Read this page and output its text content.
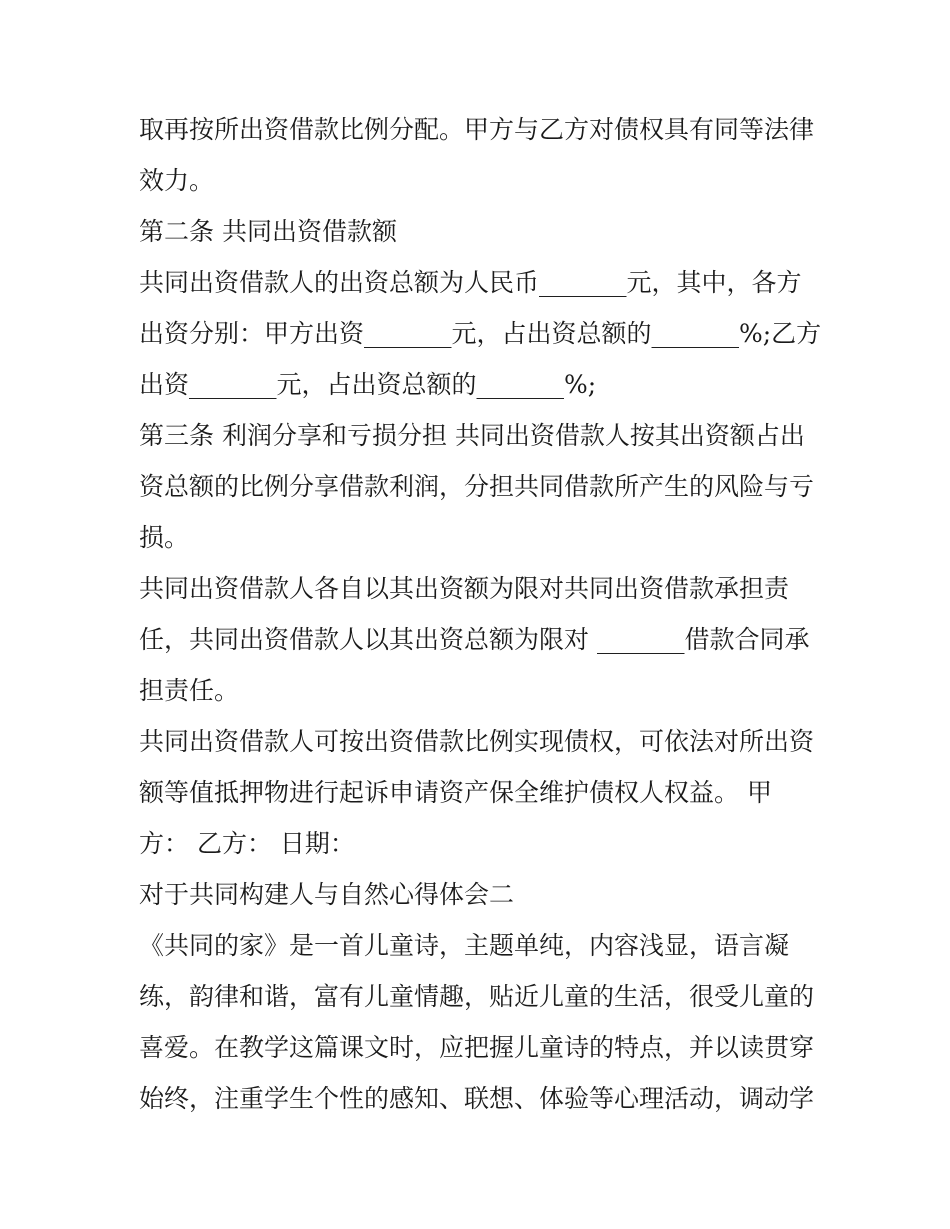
取再按所出资借款比例分配。甲方与乙方对债权具有同等法律
效力。
第二条 共同出资借款额
共同出资借款人的出资总额为人民币_______元，其中，各方
出资分别：甲方出资_______元，占出资总额的_______%;乙方
出资_______元，占出资总额的_______%;
第三条 利润分享和亏损分担 共同出资借款人按其出资额占出
资总额的比例分享借款利润，分担共同借款所产生的风险与亏
损。
共同出资借款人各自以其出资额为限对共同出资借款承担责
任，共同出资借款人以其出资总额为限对 _______借款合同承
担责任。
共同出资借款人可按出资借款比例实现债权，可依法对所出资
额等值抵押物进行起诉申请资产保全维护债权人权益。 甲
方： 乙方： 日期：
对于共同构建人与自然心得体会二
《共同的家》是一首儿童诗，主题单纯，内容浅显，语言凝
练，韵律和谐，富有儿童情趣，贴近儿童的生活，很受儿童的
喜爱。在教学这篇课文时，应把握儿童诗的特点，并以读贯穿
始终，注重学生个性的感知、联想、体验等心理活动，调动学
